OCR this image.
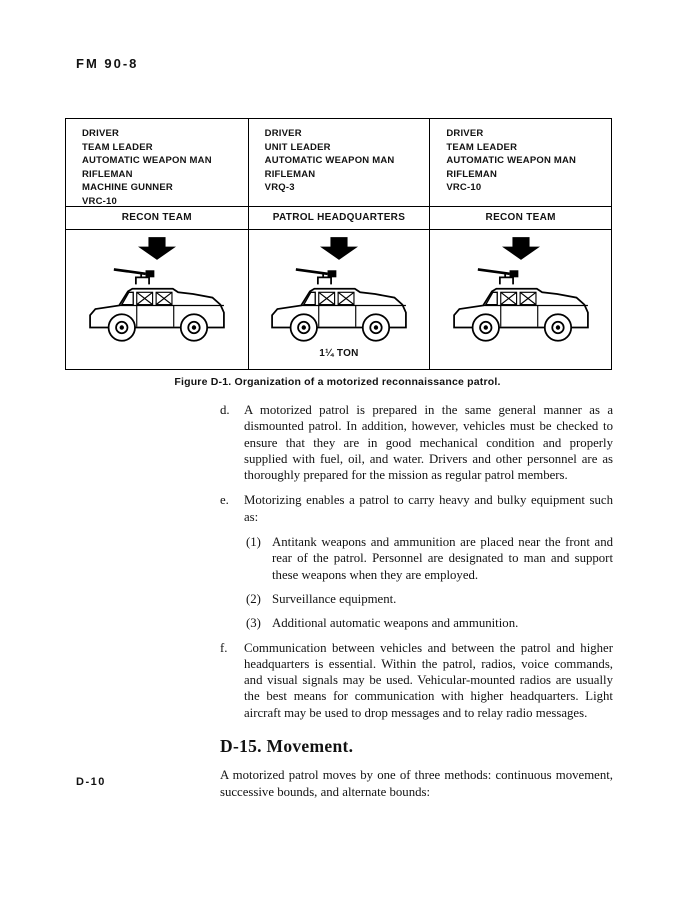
FM 90-8
DRIVER
TEAM LEADER
AUTOMATIC WEAPON MAN
RIFLEMAN
MACHINE GUNNER
VRC-10
DRIVER
UNIT LEADER
AUTOMATIC WEAPON MAN
RIFLEMAN
VRQ-3
DRIVER
TEAM LEADER
AUTOMATIC WEAPON MAN
RIFLEMAN
VRC-10
RECON TEAM	PATROL HEADQUARTERS	RECON TEAM
1¼ TON
Figure D-1. Organization of a motorized reconnaissance patrol.

d. A motorized patrol is prepared in the same general manner as a dismounted patrol. In addition, however, vehicles must be checked to ensure that they are in good mechanical condition and properly supplied with fuel, oil, and water. Drivers and other personnel are as thoroughly prepared for the mission as regular patrol members.

e. Motorizing enables a patrol to carry heavy and bulky equipment such as:

(1) Antitank weapons and ammunition are placed near the front and rear of the patrol. Personnel are designated to man and support these weapons when they are employed.

(2) Surveillance equipment.

(3) Additional automatic weapons and ammunition.

f. Communication between vehicles and between the patrol and higher headquarters is essential. Within the patrol, radios, voice commands, and visual signals may be used. Vehicular-mounted radios are usually the best means for communication with higher headquarters. Light aircraft may be used to drop messages and to relay radio messages.

D-15. Movement.

A motorized patrol moves by one of three methods: continuous movement, successive bounds, and alternate bounds:

D-10
